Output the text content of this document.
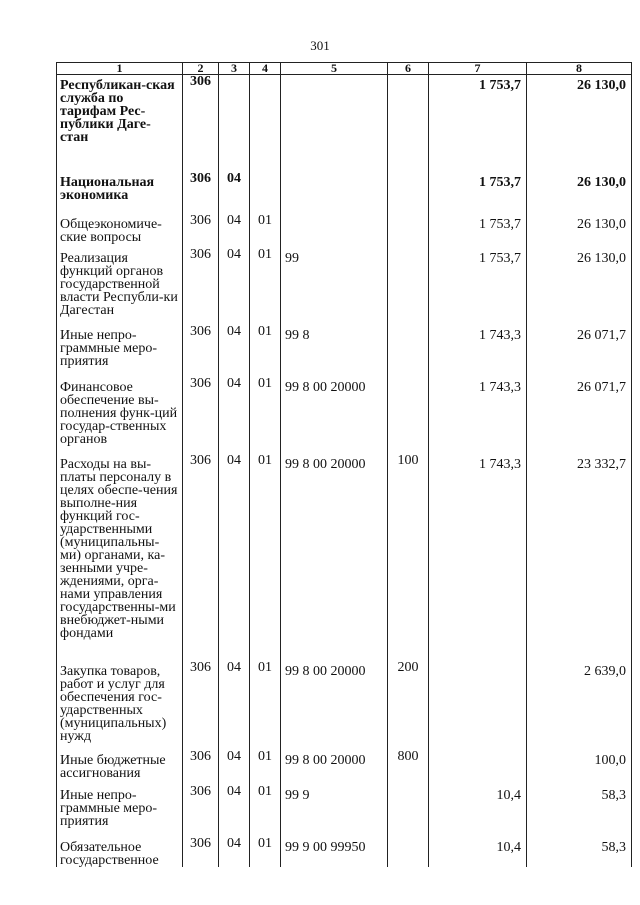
301
1	2	3	4	5	6	7	8
Республикан-ская служба по тарифам Рес-публики Даге-стан	306					1 753,7	26 130,0
Национальная экономика	306	04				1 753,7	26 130,0
Общеэкономиче-ские вопросы	306	04	01			1 753,7	26 130,0
Реализация функций органов государственной власти Республи-ки Дагестан	306	04	01	99		1 753,7	26 130,0
Иные непро-граммные меро-приятия	306	04	01	99 8		1 743,3	26 071,7
Финансовое обеспечение вы-полнения функ-ций государ-ственных органов	306	04	01	99 8 00 20000		1 743,3	26 071,7
Расходы на вы-платы персоналу в целях обеспе-чения выполне-ния функций гос-ударственными (муниципальны-ми) органами, ка-зенными учре-ждениями, орга-нами управления государственны-ми внебюджет-ными фондами	306	04	01	99 8 00 20000	100	1 743,3	23 332,7
Закупка товаров, работ и услуг для обеспечения гос-ударственных (муниципальных) нужд	306	04	01	99 8 00 20000	200		2 639,0
Иные бюджетные ассигнования	306	04	01	99 8 00 20000	800		100,0
Иные непро-граммные меро-приятия	306	04	01	99 9		10,4	58,3
Обязательное государственное	306	04	01	99 9 00 99950		10,4	58,3
